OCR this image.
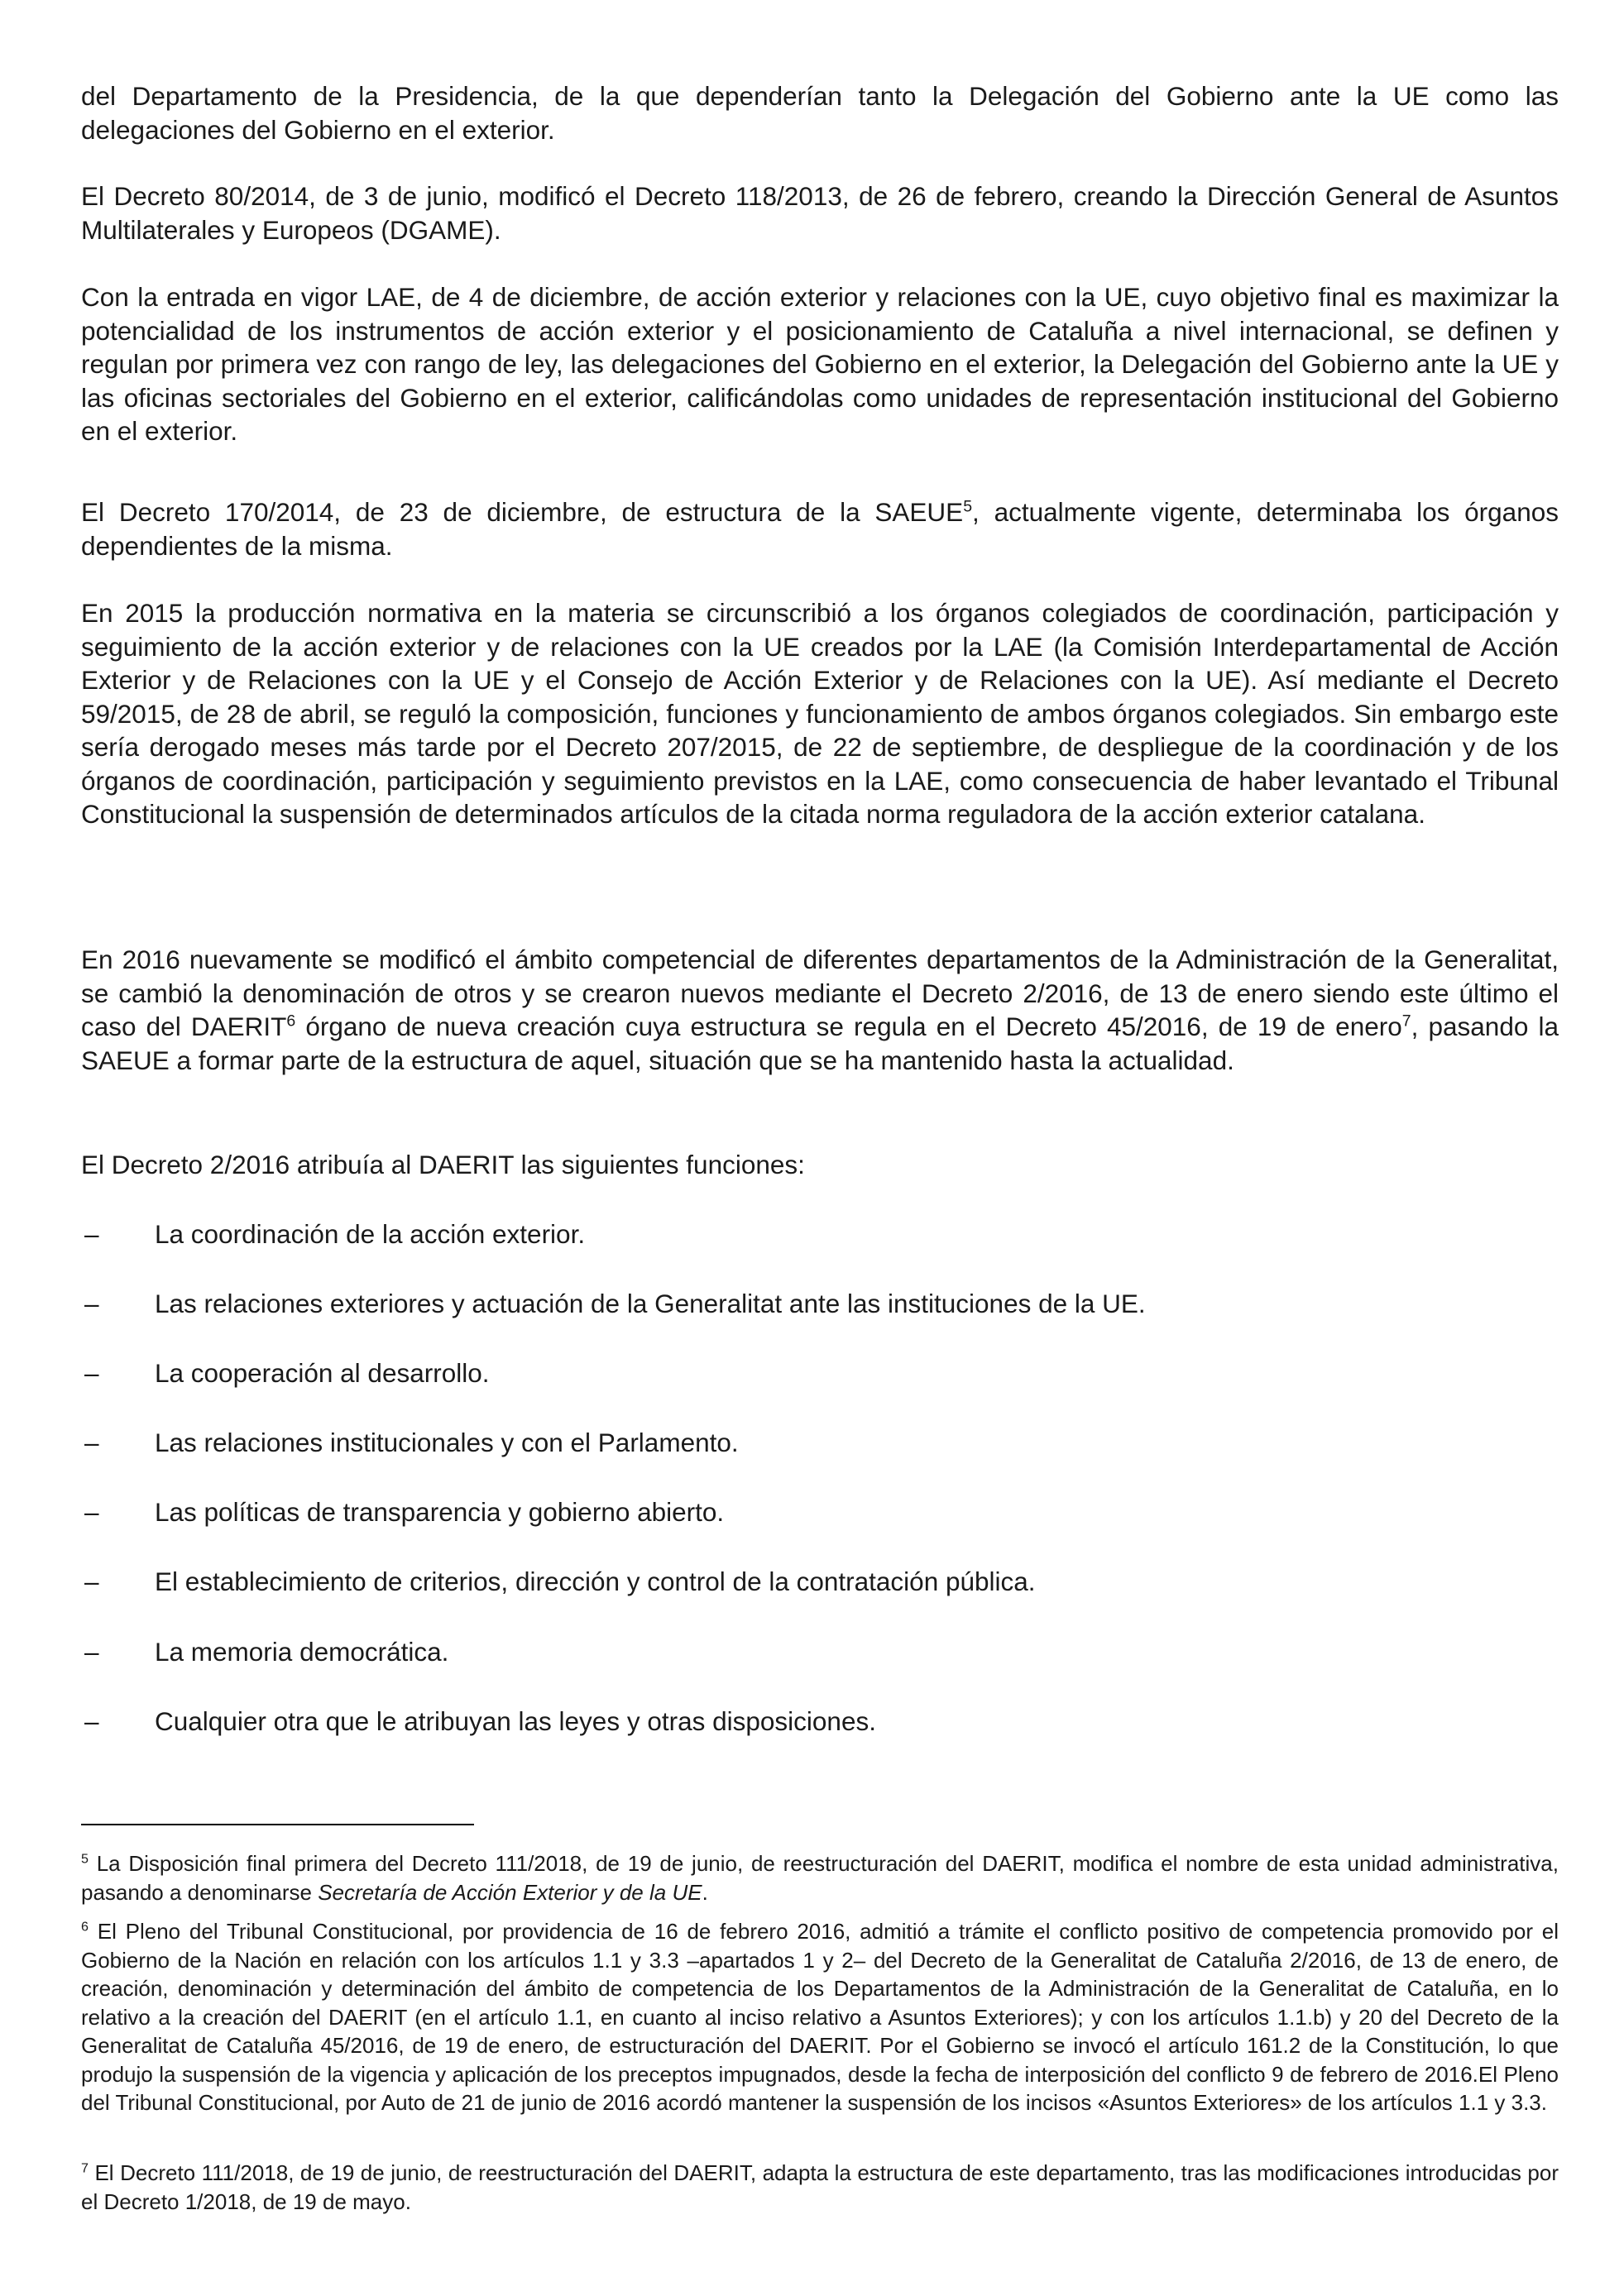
del Departamento de la Presidencia, de la que dependerían tanto la Delegación del Gobierno ante la UE como las delegaciones del Gobierno en el exterior.

El Decreto 80/2014, de 3 de junio, modificó el Decreto 118/2013, de 26 de febrero, creando la Dirección General de Asuntos Multilaterales y Europeos (DGAME).

Con la entrada en vigor LAE, de 4 de diciembre, de acción exterior y relaciones con la UE, cuyo objetivo final es maximizar la potencialidad de los instrumentos de acción exterior y el posicionamiento de Cataluña a nivel internacional, se definen y regulan por primera vez con rango de ley, las delegaciones del Gobierno en el exterior, la Delegación del Gobierno ante la UE y las oficinas sectoriales del Gobierno en el exterior, calificándolas como unidades de representación institucional del Gobierno en el exterior.

El Decreto 170/2014, de 23 de diciembre, de estructura de la SAEUE$^5$, actualmente vigente, determinaba los órganos dependientes de la misma.

En 2015 la producción normativa en la materia se circunscribió a los órganos colegiados de coordinación, participación y seguimiento de la acción exterior y de relaciones con la UE creados por la LAE (la Comisión Interdepartamental de Acción Exterior y de Relaciones con la UE y el Consejo de Acción Exterior y de Relaciones con la UE). Así mediante el Decreto 59/2015, de 28 de abril, se reguló la composición, funciones y funcionamiento de ambos órganos colegiados. Sin embargo este sería derogado meses más tarde por el Decreto 207/2015, de 22 de septiembre, de despliegue de la coordinación y de los órganos de coordinación, participación y seguimiento previstos en la LAE, como consecuencia de haber levantado el Tribunal Constitucional la suspensión de determinados artículos de la citada norma reguladora de la acción exterior catalana.

En 2016 nuevamente se modificó el ámbito competencial de diferentes departamentos de la Administración de la Generalitat, se cambió la denominación de otros y se crearon nuevos mediante el Decreto 2/2016, de 13 de enero siendo este último el caso del DAERIT$^6$ órgano de nueva creación cuya estructura se regula en el Decreto 45/2016, de 19 de enero$^7$, pasando la SAEUE a formar parte de la estructura de aquel, situación que se ha mantenido hasta la actualidad.

El Decreto 2/2016 atribuía al DAERIT las siguientes funciones:

– La coordinación de la acción exterior.
– Las relaciones exteriores y actuación de la Generalitat ante las instituciones de la UE.
– La cooperación al desarrollo.
– Las relaciones institucionales y con el Parlamento.
– Las políticas de transparencia y gobierno abierto.
– El establecimiento de criterios, dirección y control de la contratación pública.
– La memoria democrática.
– Cualquier otra que le atribuyan las leyes y otras disposiciones.

$^5$ La Disposición final primera del Decreto 111/2018, de 19 de junio, de reestructuración del DAERIT, modifica el nombre de esta unidad administrativa, pasando a denominarse Secretaría de Acción Exterior y de la UE.

$^6$ El Pleno del Tribunal Constitucional, por providencia de 16 de febrero 2016, admitió a trámite el conflicto positivo de competencia promovido por el Gobierno de la Nación en relación con los artículos 1.1 y 3.3 –apartados 1 y 2– del Decreto de la Generalitat de Cataluña 2/2016, de 13 de enero, de creación, denominación y determinación del ámbito de competencia de los Departamentos de la Administración de la Generalitat de Cataluña, en lo relativo a la creación del DAERIT (en el artículo 1.1, en cuanto al inciso relativo a Asuntos Exteriores); y con los artículos 1.1.b) y 20 del Decreto de la Generalitat de Cataluña 45/2016, de 19 de enero, de estructuración del DAERIT. Por el Gobierno se invocó el artículo 161.2 de la Constitución, lo que produjo la suspensión de la vigencia y aplicación de los preceptos impugnados, desde la fecha de interposición del conflicto 9 de febrero de 2016.El Pleno del Tribunal Constitucional, por Auto de 21 de junio de 2016 acordó mantener la suspensión de los incisos «Asuntos Exteriores» de los artículos 1.1 y 3.3.

$^7$ El Decreto 111/2018, de 19 de junio, de reestructuración del DAERIT, adapta la estructura de este departamento, tras las modificaciones introducidas por el Decreto 1/2018, de 19 de mayo.
